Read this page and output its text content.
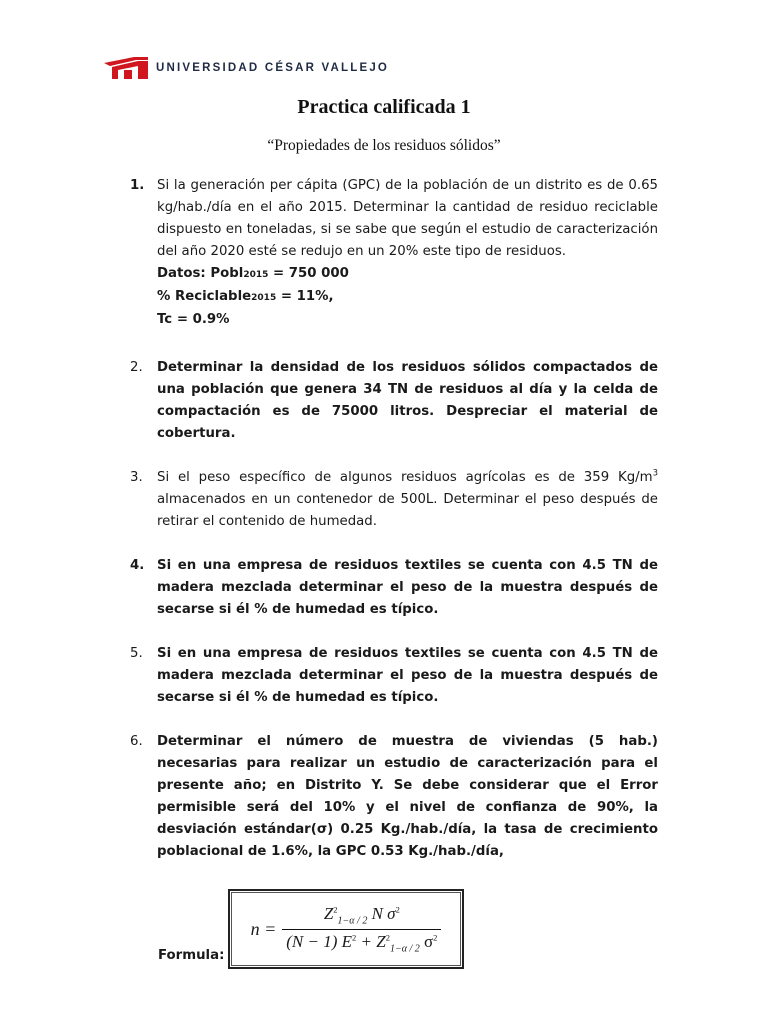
UNIVERSIDAD CÉSAR VALLEJO
Practica calificada 1
“Propiedades de los residuos sólidos”
1. Si la generación per cápita (GPC) de la población de un distrito es de 0.65 kg/hab./día en el año 2015. Determinar la cantidad de residuo reciclable dispuesto en toneladas, si se sabe que según el estudio de caracterización del año 2020 esté se redujo en un 20% este tipo de residuos.
Datos: Pobl2015 = 750 000
% Reciclable2015 = 11%,
Tc = 0.9%
2.	Determinar la densidad de los residuos sólidos compactados de una población que genera 34 TN de residuos al día y la celda de compactación es de 75000 litros. Despreciar el material de cobertura.
3.	Si el peso específico de algunos residuos agrícolas es de 359 $Kg/m^3$ almacenados en un contenedor de 500L. Determinar el peso después de retirar el contenido de humedad.
4. Si en una empresa de residuos textiles se cuenta con 4.5 TN de madera mezclada determinar el peso de la muestra después de secarse si él % de humedad es típico.
5.	Si en una empresa de residuos textiles se cuenta con 4.5 TN de madera mezclada determinar el peso de la muestra después de secarse si él % de humedad es típico.
6.	Determinar el número de muestra de viviendas (5 hab.) necesarias para realizar un estudio de caracterización para el presente año; en Distrito Y. Se debe considerar que el Error permisible será del 10% y el nivel de confianza de 90%, la desviación estándar(σ) 0.25 Kg./hab./día, la tasa de crecimiento poblacional de 1.6%, la GPC 0.53 Kg./hab./día,
Formula:
$n = \frac{Z^2_{1-\alpha / 2} N \sigma^2}{(N - 1) E^2 + Z^2_{1-\alpha / 2} \sigma^2}$
